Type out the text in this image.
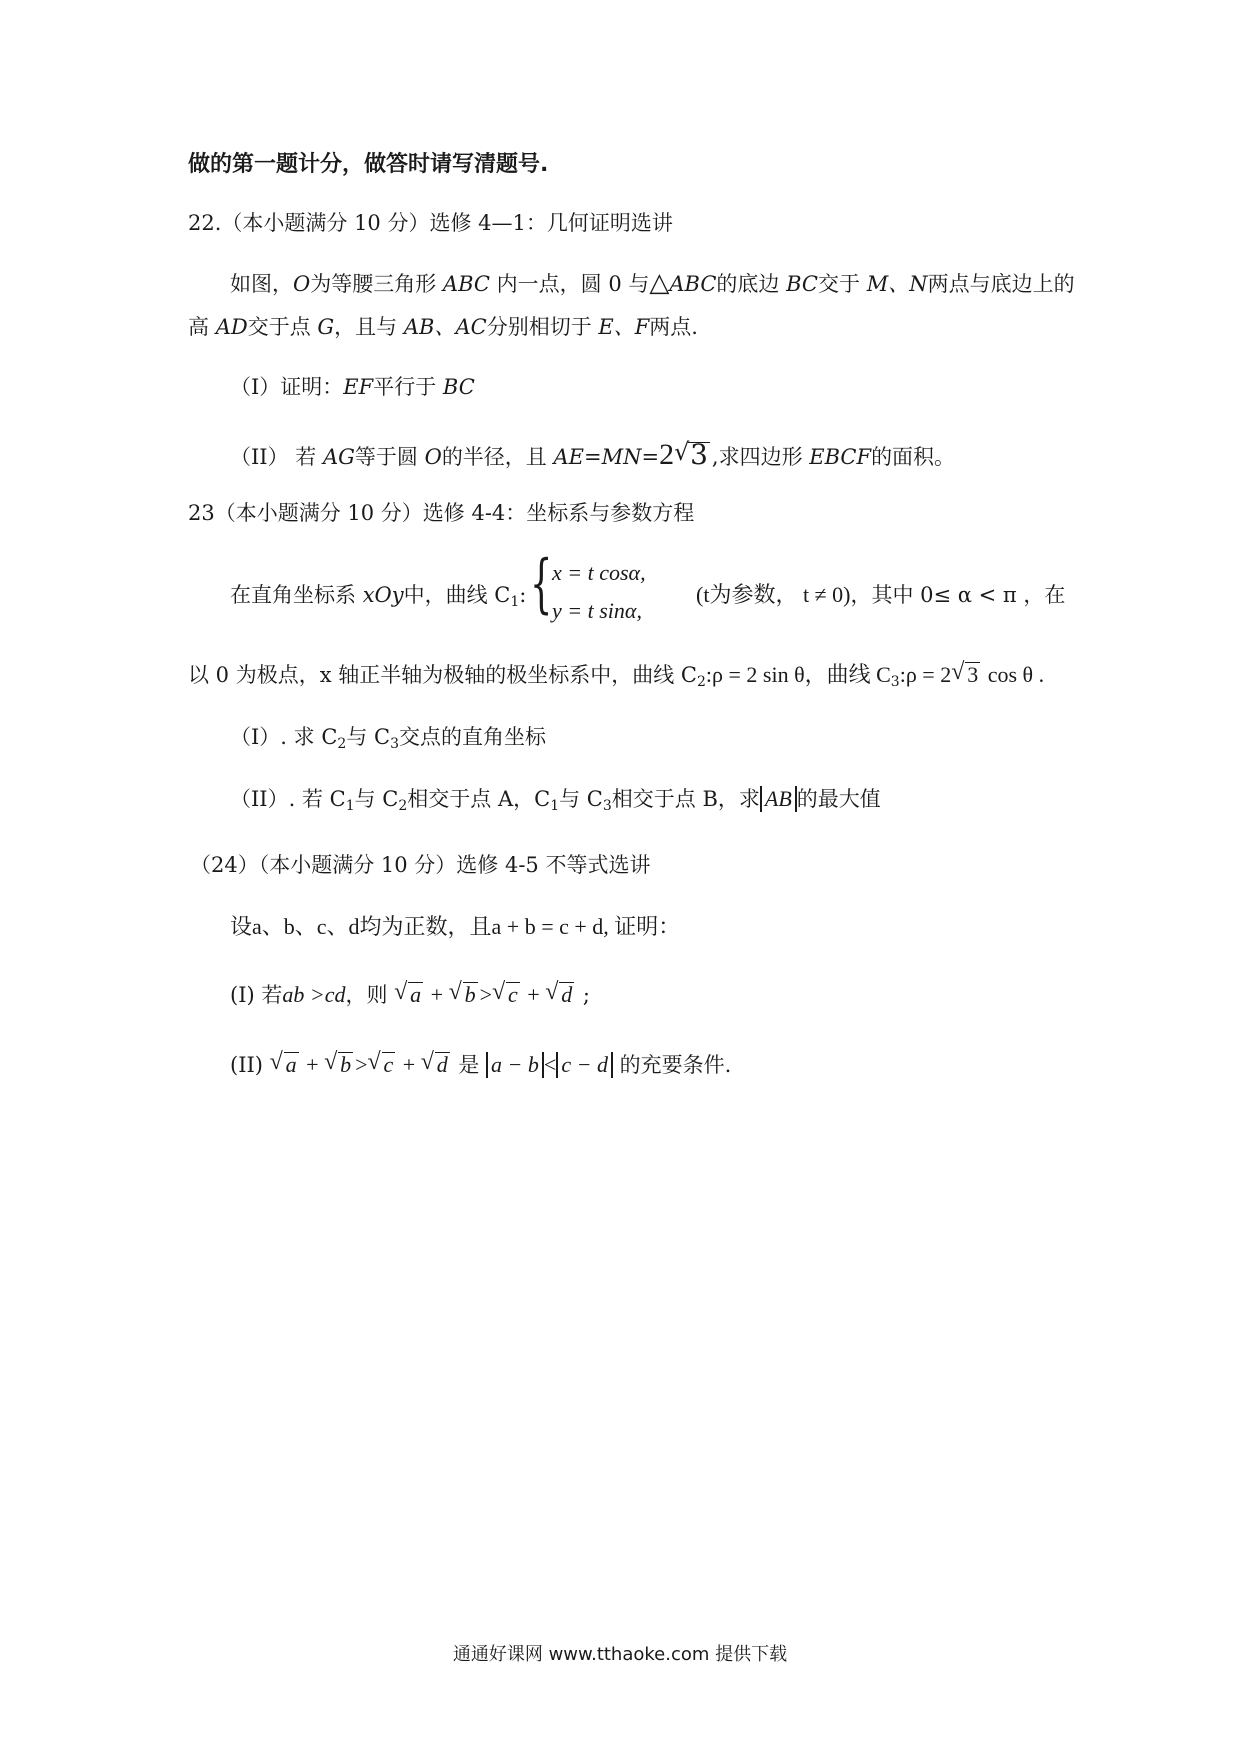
做的第一题计分，做答时请写清题号.
22.（本小题满分 10 分）选修 4—1：几何证明选讲
如图，O为等腰三角形 ABC 内一点，圆 0 与△ABC的底边 BC交于 M、N两点与底边上的
高 AD交于点 G，且与 AB、AC分别相切于 E、F两点.
（I）证明：EF平行于 BC
（II） 若 AG等于圆 O的半径，且 AE=MN=2√ 3 ,求四边形 EBCF的面积。
23（本小题满分 10 分）选修 4-4：坐标系与参数方程
在直角坐标系 xOy中，曲线 $C_1$: { x = t cosα,
y = t sinα,
(t为参数， t ≠ 0)，其中 0≤ α < π ，在
以 0 为极点，x 轴正半轴为极轴的极坐标系中，曲线 $C_2:\rho = 2$ sin θ，曲线 $C_3:\rho = 2√$ 3 cos θ .
（I）. 求 $C_2$与 $C_3$交点的直角坐标
（II）. 若 $C_1$与 $C_2$相交于点 A，$C_1$与 $C_3$相交于点 B，求 AB 的最大值
（24）（本小题满分 10 分）选修 4-5 不等式选讲
设a、b、c、d均为正数，且a + b = c + d, 证明：
(I) 若ab >cd，则 √ a + √ b >√ c + √ d ;
(II) √ a + √ b >√ c + √ d 是 a − b < c − d 的充要条件.
通通好课网 www.tthaoke.com 提供下载
